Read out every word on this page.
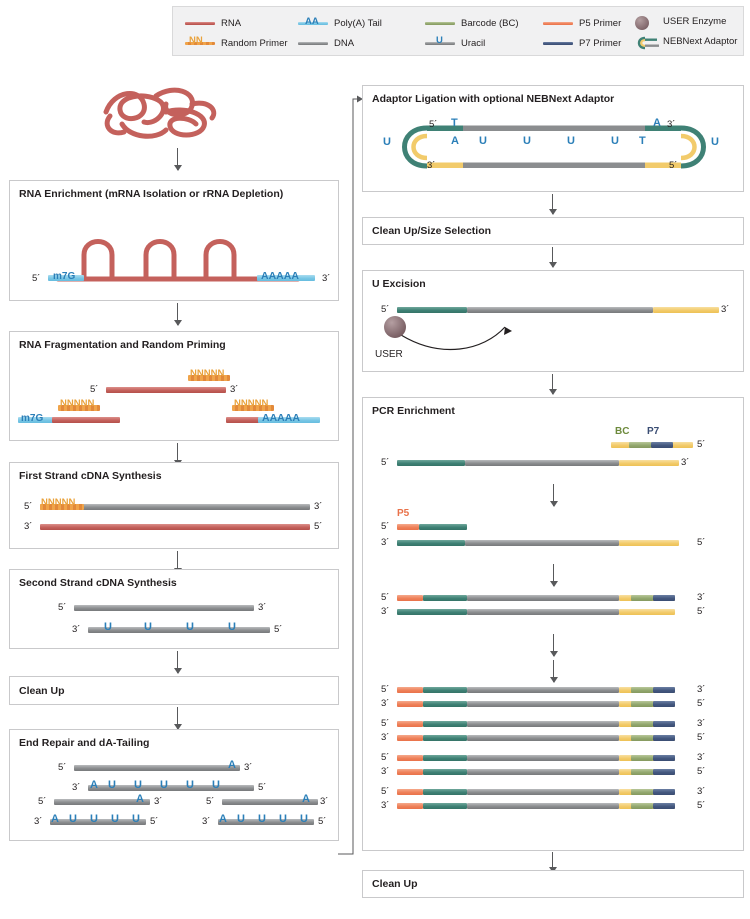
RNA	AA Poly(A) Tail	Barcode (BC)	P5 Primer	USER Enzyme
NN Random Primer	DNA	U Uracil	P7 Primer	NEBNext Adaptor
RNA Enrichment (mRNA Isolation or rRNA Depletion)
5´ m7G	AAAAA 3´
RNA Fragmentation and Random Priming
5´	3´
NNNNN
m7G
NNNNN	NNNNN
AAAAA
First Strand cDNA Synthesis
5´ NNNNN	3´
3´	5´
Second Strand cDNA Synthesis
5´	3´
3´ U	U	U	U	5´
Clean Up
End Repair and dA-Tailing
5´	A 3´
3´ A U U U U U	5´
5´	A 3´
3´ A U U U U 5´
5´	A 3´
3´ A U U U U 5´
Adaptor Ligation with optional NEBNext Adaptor
U	U
5´ T	A 3´
A U	U	U	U T
3´	5´
Clean Up/Size Selection
U Excision
5´	3´
USER
PCR Enrichment
BC P7
5´
5´	3´
P5
5´
3´	5´
5´	3´
3´	5´
5´	3´
3´	5´
5´	3´
3´	5´
5´	3´
3´	5´
5´	3´
3´	5´
Clean Up
